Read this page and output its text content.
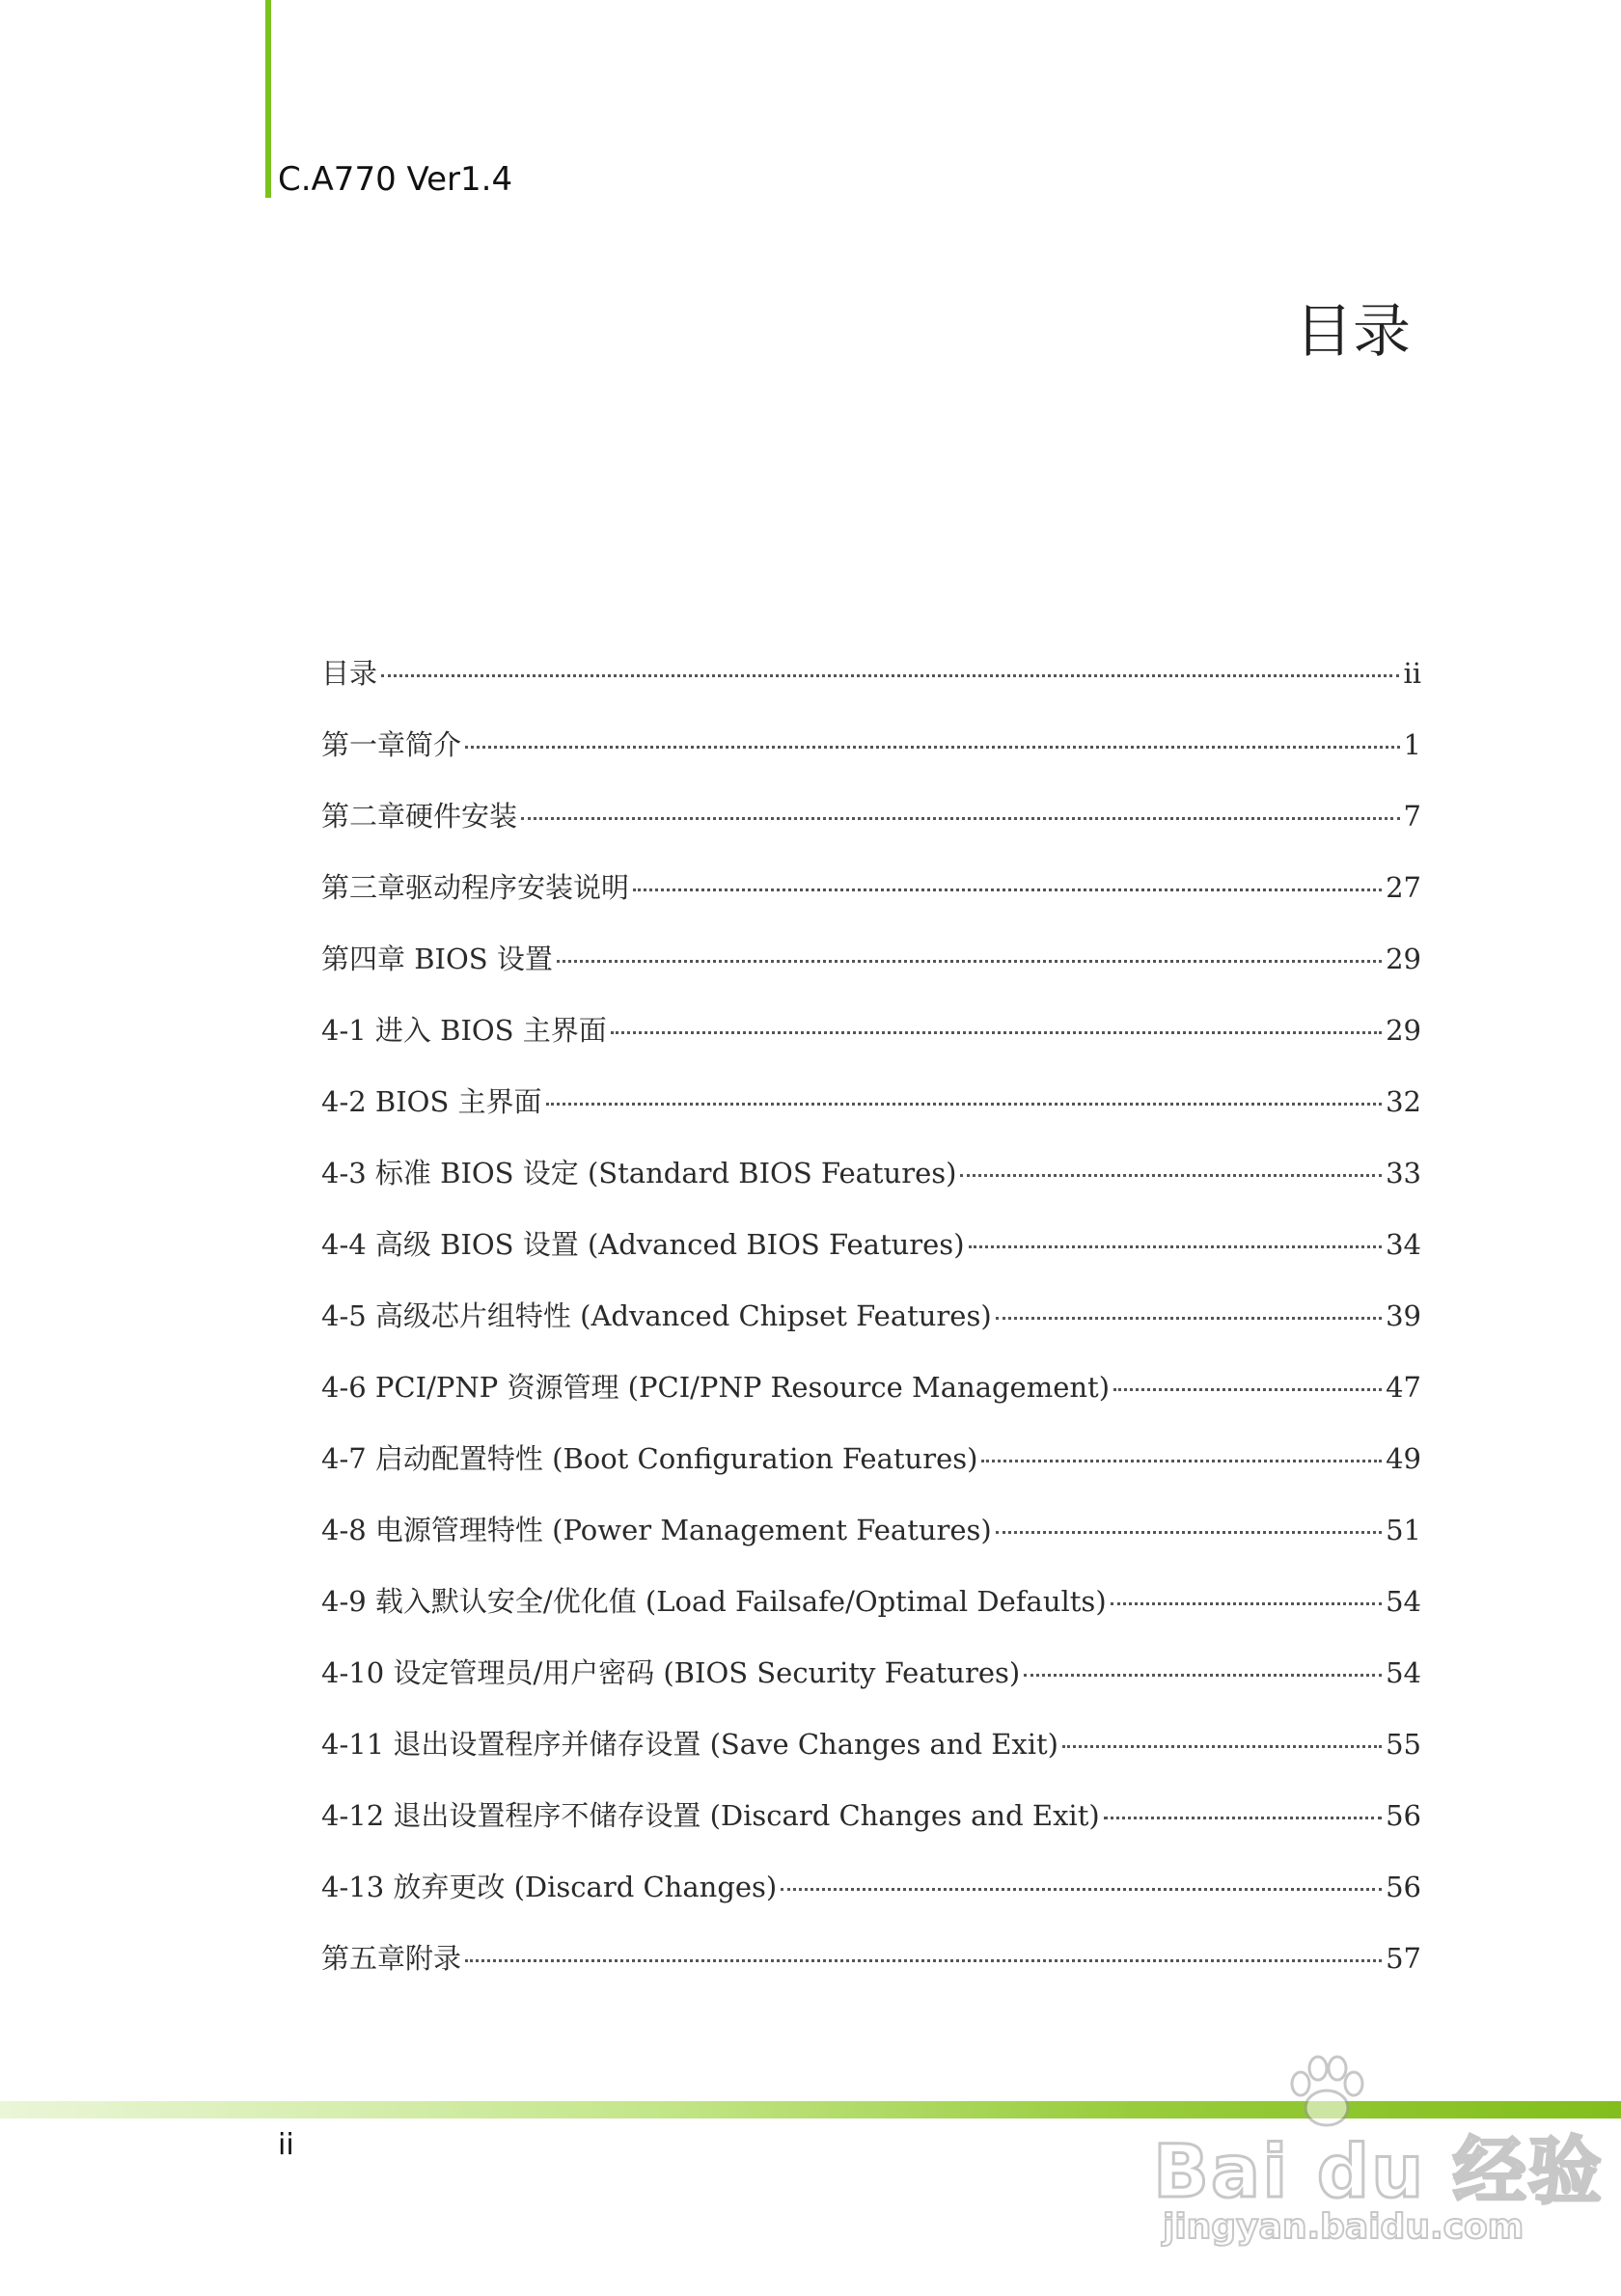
C.A770 Ver1.4
目录
目录	ii
第一章简介	1
第二章硬件安装	7
第三章驱动程序安装说明	27
第四章 BIOS 设置	29
4-1 进入 BIOS 主界面	29
4-2 BIOS 主界面	32
4-3 标准 BIOS 设定 (Standard BIOS Features)	33
4-4 高级 BIOS 设置 (Advanced BIOS Features)	34
4-5 高级芯片组特性 (Advanced Chipset Features)	39
4-6 PCI/PNP 资源管理 (PCI/PNP Resource Management)	47
4-7 启动配置特性 (Boot Configuration Features)	49
4-8 电源管理特性 (Power Management Features)	51
4-9 载入默认安全/优化值 (Load Failsafe/Optimal Defaults)	54
4-10 设定管理员/用户密码 (BIOS Security Features)	54
4-11 退出设置程序并储存设置 (Save Changes and Exit)	55
4-12 退出设置程序不储存设置 (Discard Changes and Exit)	56
4-13 放弃更改 (Discard Changes)	56
第五章附录	57
ii	Bai du 经验
jingyan.baidu.com
